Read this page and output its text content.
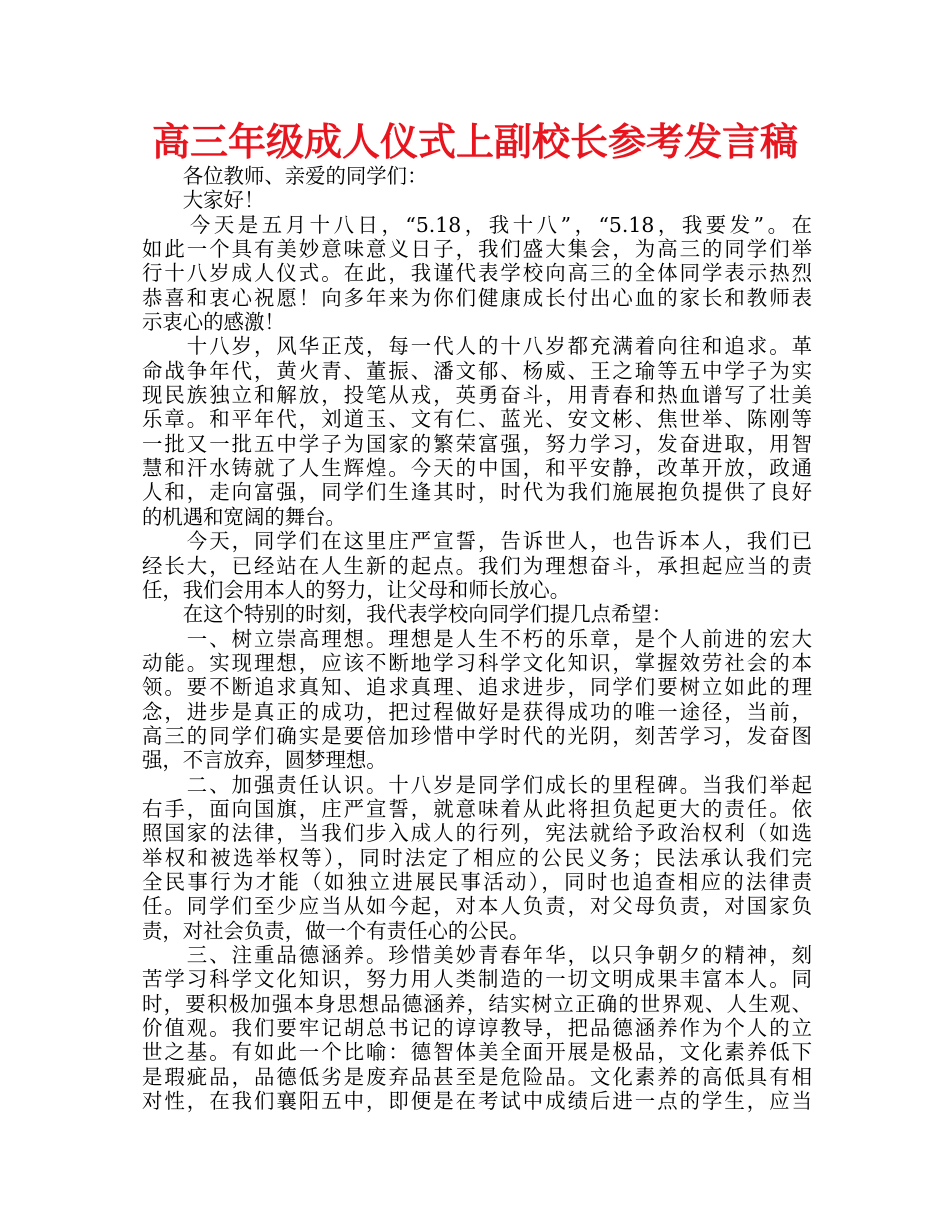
高三年级成人仪式上副校长参考发言稿
　　各位教师、亲爱的同学们：
　　大家好！
　　今天是五月十八日，“5.18，我十八”，“5.18，我要发”。在
如此一个具有美妙意味意义日子，我们盛大集会，为高三的同学们举
行十八岁成人仪式。在此，我谨代表学校向高三的全体同学表示热烈
恭喜和衷心祝愿！向多年来为你们健康成长付出心血的家长和教师表
示衷心的感激！
　　十八岁，风华正茂，每一代人的十八岁都充满着向往和追求。革
命战争年代，黄火青、董振、潘文郁、杨威、王之瑜等五中学子为实
现民族独立和解放，投笔从戎，英勇奋斗，用青春和热血谱写了壮美
乐章。和平年代，刘道玉、文有仁、蓝光、安文彬、焦世举、陈刚等
一批又一批五中学子为国家的繁荣富强，努力学习，发奋进取，用智
慧和汗水铸就了人生辉煌。今天的中国，和平安静，改革开放，政通
人和，走向富强，同学们生逢其时，时代为我们施展抱负提供了良好
的机遇和宽阔的舞台。
　　今天，同学们在这里庄严宣誓，告诉世人，也告诉本人，我们已
经长大，已经站在人生新的起点。我们为理想奋斗，承担起应当的责
任，我们会用本人的努力，让父母和师长放心。
　　在这个特别的时刻，我代表学校向同学们提几点希望：
　　一、树立崇高理想。理想是人生不朽的乐章，是个人前进的宏大
动能。实现理想，应该不断地学习科学文化知识，掌握效劳社会的本
领。要不断追求真知、追求真理、追求进步，同学们要树立如此的理
念，进步是真正的成功，把过程做好是获得成功的唯一途径，当前，
高三的同学们确实是要倍加珍惜中学时代的光阴，刻苦学习，发奋图
强，不言放弃，圆梦理想。
　　二、加强责任认识。十八岁是同学们成长的里程碑。当我们举起
右手，面向国旗，庄严宣誓，就意味着从此将担负起更大的责任。依
照国家的法律，当我们步入成人的行列，宪法就给予政治权利（如选
举权和被选举权等），同时法定了相应的公民义务；民法承认我们完
全民事行为才能（如独立进展民事活动），同时也追查相应的法律责
任。同学们至少应当从如今起，对本人负责，对父母负责，对国家负
责，对社会负责，做一个有责任心的公民。
　　三、注重品德涵养。珍惜美妙青春年华，以只争朝夕的精神，刻
苦学习科学文化知识，努力用人类制造的一切文明成果丰富本人。同
时，要积极加强本身思想品德涵养，结实树立正确的世界观、人生观、
价值观。我们要牢记胡总书记的谆谆教导，把品德涵养作为个人的立
世之基。有如此一个比喻：德智体美全面开展是极品，文化素养低下
是瑕疵品，品德低劣是废弃品甚至是危险品。文化素养的高低具有相
对性，在我们襄阳五中，即便是在考试中成绩后进一点的学生，应当
